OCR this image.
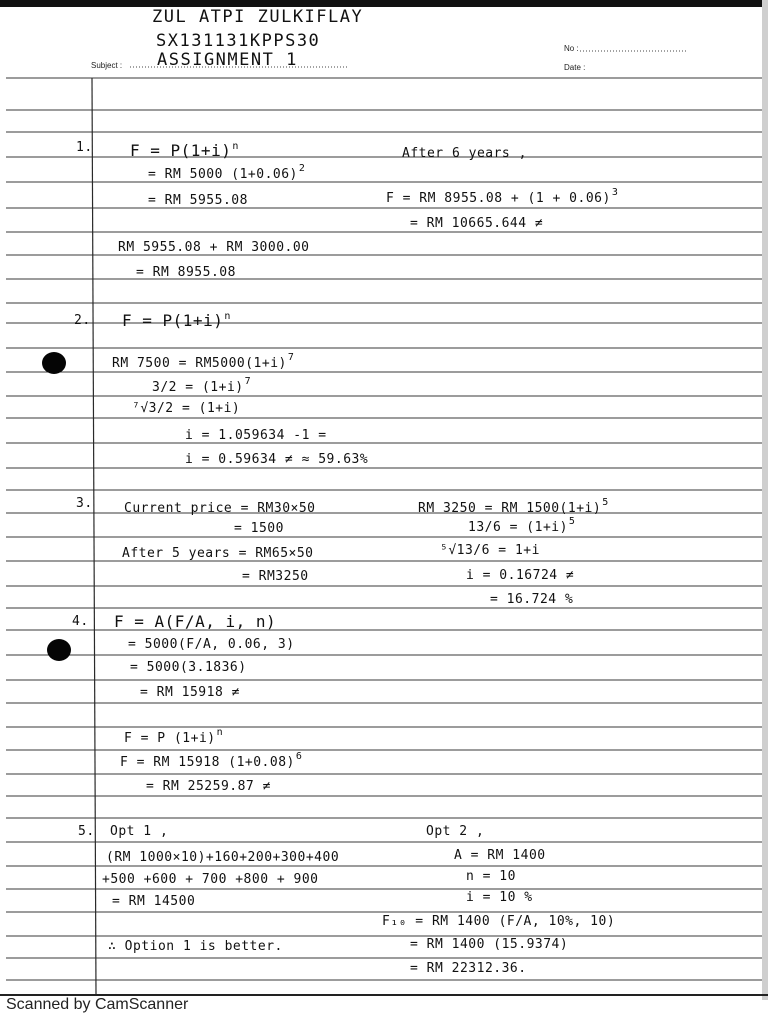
ZUL ATPI ZULKIFLAY
SX131131KPPS30
Subject : ASSIGNMENT 1
No :
Date :
1. $F = P(1+i)^n$
= RM 5000 $(1+0.06)^2$
= RM 5955.08
RM 5955.08 + RM 3000.00
= RM 8955.08
After 6 years ,
F = RM $8955.08 + (1 + 0.06)^3$
= RM 10665.644 ≠
2. $F = P(1+i)^n$
RM $7500 = RM5000(1+i)^7$
$3/2 = (1+i)^7$
⁷√3/2 = (1+i)
i = 1.059634 -1 =
i = 0.59634 ≠ ≈ 59.63%
3. Current price = RM30×50
= 1500
After 5 years = RM65×50
= RM3250
RM 3250 = RM $1500(1+i)^5$
$13/6 = (1+i)^5$
⁵√13/6 = 1+i
i = 0.16724 ≠
= 16.724 %
4. F = A(F/A, i, n)
= 5000(F/A, 0.06, 3)
= 5000(3.1836)
= RM 15918 ≠
F = P $(1+i)^n$
F = RM 15918 $(1+0.08)^6$
= RM 25259.87 ≠
5. Opt 1 ,
(RM 1000×10)+160+200+300+400
+500 +600 + 700 +800 + 900
= RM 14500
∴ Option 1 is better.
Opt 2 ,
A = RM 1400
n = 10
i = 10 %
F₁₀ = RM 1400 (F/A, 10%, 10)
= RM 1400 (15.9374)
= RM 22312.36.
Scanned by CamScanner
